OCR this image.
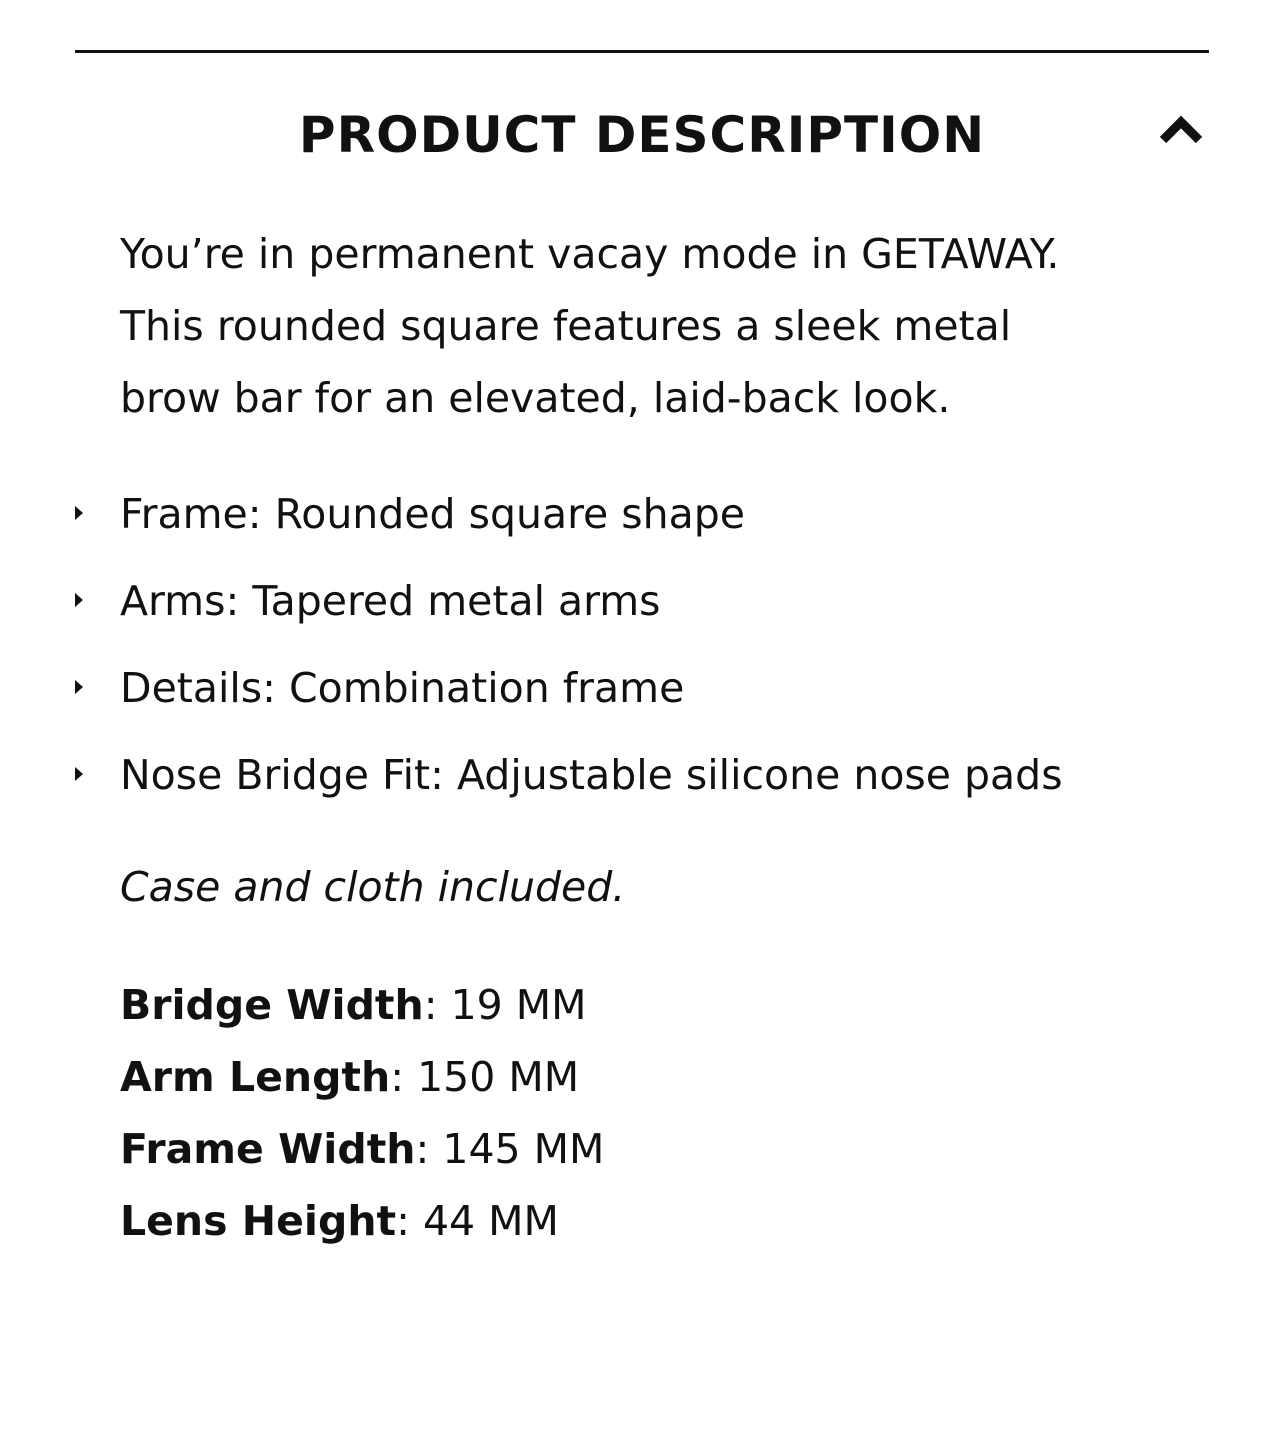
PRODUCT DESCRIPTION

You’re in permanent vacay mode in GETAWAY. This rounded square features a sleek metal brow bar for an elevated, laid-back look.

Frame: Rounded square shape
Arms: Tapered metal arms
Details: Combination frame
Nose Bridge Fit: Adjustable silicone nose pads

Case and cloth included.

Bridge Width: 19 MM
Arm Length: 150 MM
Frame Width: 145 MM
Lens Height: 44 MM
